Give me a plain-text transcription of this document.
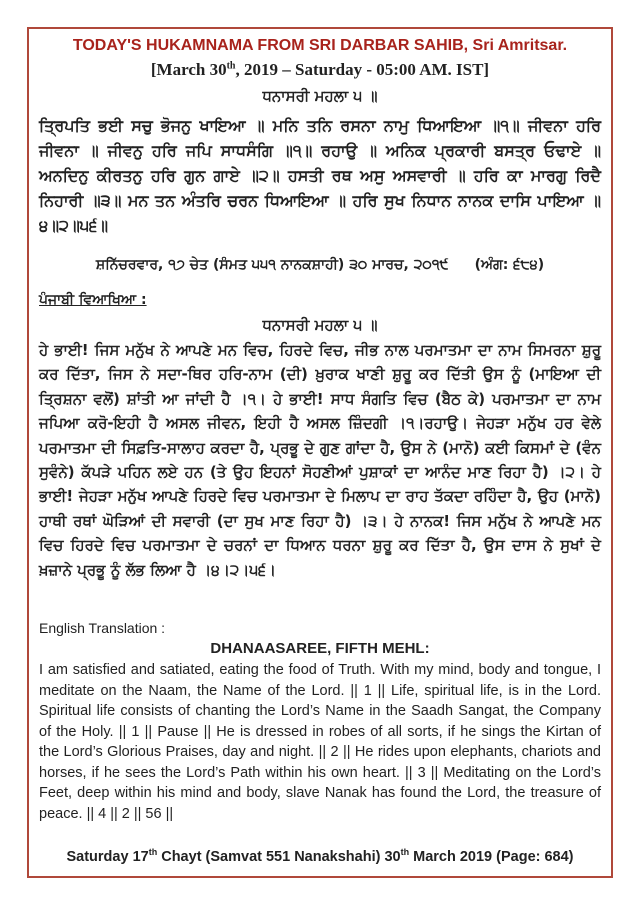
TODAY'S HUKAMNAMA FROM SRI DARBAR SAHIB, Sri Amritsar.
[March 30th, 2019 – Saturday - 05:00 AM. IST]
ਧਨਾਸਰੀ ਮਹਲਾ ੫ ॥
ਤ੍ਰਿਪਤਿ ਭਈ ਸਚੁ ਭੋਜਨੁ ਖਾਇਆ ॥ ਮਨਿ ਤਨਿ ਰਸਨਾ ਨਾਮੁ ਧਿਆਇਆ ॥੧॥ ਜੀਵਨਾ ਹਰਿ ਜੀਵਨਾ ॥ ਜੀਵਨੁ ਹਰਿ ਜਪਿ ਸਾਧਸੰਗਿ ॥੧॥ ਰਹਾਉ ॥ ਅਨਿਕ ਪ੍ਰਕਾਰੀ ਬਸਤ੍ਰ ਓਢਾਏ ॥ ਅਨਦਿਨੁ ਕੀਰਤਨੁ ਹਰਿ ਗੁਨ ਗਾਏ ॥੨॥ ਹਸਤੀ ਰਥ ਅਸੁ ਅਸਵਾਰੀ ॥ ਹਰਿ ਕਾ ਮਾਰਗੁ ਰਿਦੈ ਨਿਹਾਰੀ ॥੩॥ ਮਨ ਤਨ ਅੰਤਰਿ ਚਰਨ ਧਿਆਇਆ ॥ ਹਰਿ ਸੁਖ ਨਿਧਾਨ ਨਾਨਕ ਦਾਸਿ ਪਾਇਆ ॥੪॥੨॥੫੬॥
ਸ਼ਨਿੱਚਰਵਾਰ, ੧੭ ਚੇਤ (ਸੰਮਤ ੫੫੧ ਨਾਨਕਸ਼ਾਹੀ) ੩੦ ਮਾਰਚ, ੨੦੧੯ (ਅੰਗ: ੬੮੪)
ਪੰਜਾਬੀ ਵਿਆਖਿਆ :
ਧਨਾਸਰੀ ਮਹਲਾ ੫ ॥
ਹੇ ਭਾਈ! ਜਿਸ ਮਨੁੱਖ ਨੇ ਆਪਣੇ ਮਨ ਵਿਚ, ਹਿਰਦੇ ਵਿਚ, ਜੀਭ ਨਾਲ ਪਰਮਾਤਮਾ ਦਾ ਨਾਮ ਸਿਮਰਨਾ ਸ਼ੁਰੂ ਕਰ ਦਿੱਤਾ, ਜਿਸ ਨੇ ਸਦਾ-ਥਿਰ ਹਰਿ-ਨਾਮ (ਦੀ) ਖ਼ੁਰਾਕ ਖਾਣੀ ਸ਼ੁਰੂ ਕਰ ਦਿੱਤੀ ਉਸ ਨੂੰ (ਮਾਇਆ ਦੀ ਤ੍ਰਿਸ਼ਨਾ ਵਲੋਂ) ਸ਼ਾਂਤੀ ਆ ਜਾਂਦੀ ਹੈ ।੧। ਹੇ ਭਾਈ! ਸਾਧ ਸੰਗਤਿ ਵਿਚ (ਬੈਠ ਕੇ) ਪਰਮਾਤਮਾ ਦਾ ਨਾਮ ਜਪਿਆ ਕਰੋ-ਇਹੀ ਹੈ ਅਸਲ ਜੀਵਨ, ਇਹੀ ਹੈ ਅਸਲ ਜ਼ਿੰਦਗੀ ।੧।ਰਹਾਉ। ਜੇਹੜਾ ਮਨੁੱਖ ਹਰ ਵੇਲੇ ਪਰਮਾਤਮਾ ਦੀ ਸਿਫ਼ਤਿ-ਸਾਲਾਹ ਕਰਦਾ ਹੈ, ਪ੍ਰਭੂ ਦੇ ਗੁਣ ਗਾਂਦਾ ਹੈ, ਉਸ ਨੇ (ਮਾਨੋ) ਕਈ ਕਿਸਮਾਂ ਦੇ (ਵੰਨ ਸੁਵੰਨੇ) ਕੱਪੜੇ ਪਹਿਨ ਲਏ ਹਨ (ਤੇ ਉਹ ਇਹਨਾਂ ਸੋਹਣੀਆਂ ਪੁਸ਼ਾਕਾਂ ਦਾ ਆਨੰਦ ਮਾਣ ਰਿਹਾ ਹੈ) ।੨। ਹੇ ਭਾਈ! ਜੇਹੜਾ ਮਨੁੱਖ ਆਪਣੇ ਹਿਰਦੇ ਵਿਚ ਪਰਮਾਤਮਾ ਦੇ ਮਿਲਾਪ ਦਾ ਰਾਹ ਤੱਕਦਾ ਰਹਿੰਦਾ ਹੈ, ਉਹ (ਮਾਨੋ) ਹਾਥੀ ਰਥਾਂ ਘੋੜਿਆਂ ਦੀ ਸਵਾਰੀ (ਦਾ ਸੁਖ ਮਾਣ ਰਿਹਾ ਹੈ) ।੩। ਹੇ ਨਾਨਕ! ਜਿਸ ਮਨੁੱਖ ਨੇ ਆਪਣੇ ਮਨ ਵਿਚ ਹਿਰਦੇ ਵਿਚ ਪਰਮਾਤਮਾ ਦੇ ਚਰਨਾਂ ਦਾ ਧਿਆਨ ਧਰਨਾ ਸ਼ੁਰੂ ਕਰ ਦਿੱਤਾ ਹੈ, ਉਸ ਦਾਸ ਨੇ ਸੁਖਾਂ ਦੇ ਖ਼ਜ਼ਾਨੇ ਪ੍ਰਭੂ ਨੂੰ ਲੱਭ ਲਿਆ ਹੈ ।੪।੨।੫੬।
English Translation :
DHANAASAREE, FIFTH MEHL:
I am satisfied and satiated, eating the food of Truth. With my mind, body and tongue, I meditate on the Naam, the Name of the Lord. || 1 || Life, spiritual life, is in the Lord. Spiritual life consists of chanting the Lord’s Name in the Saadh Sangat, the Company of the Holy. || 1 || Pause || He is dressed in robes of all sorts, if he sings the Kirtan of the Lord’s Glorious Praises, day and night. || 2 || He rides upon elephants, chariots and horses, if he sees the Lord’s Path within his own heart. || 3 || Meditating on the Lord’s Feet, deep within his mind and body, slave Nanak has found the Lord, the treasure of peace. || 4 || 2 || 56 ||
Saturday 17th Chayt (Samvat 551 Nanakshahi) 30th March 2019 (Page: 684)
